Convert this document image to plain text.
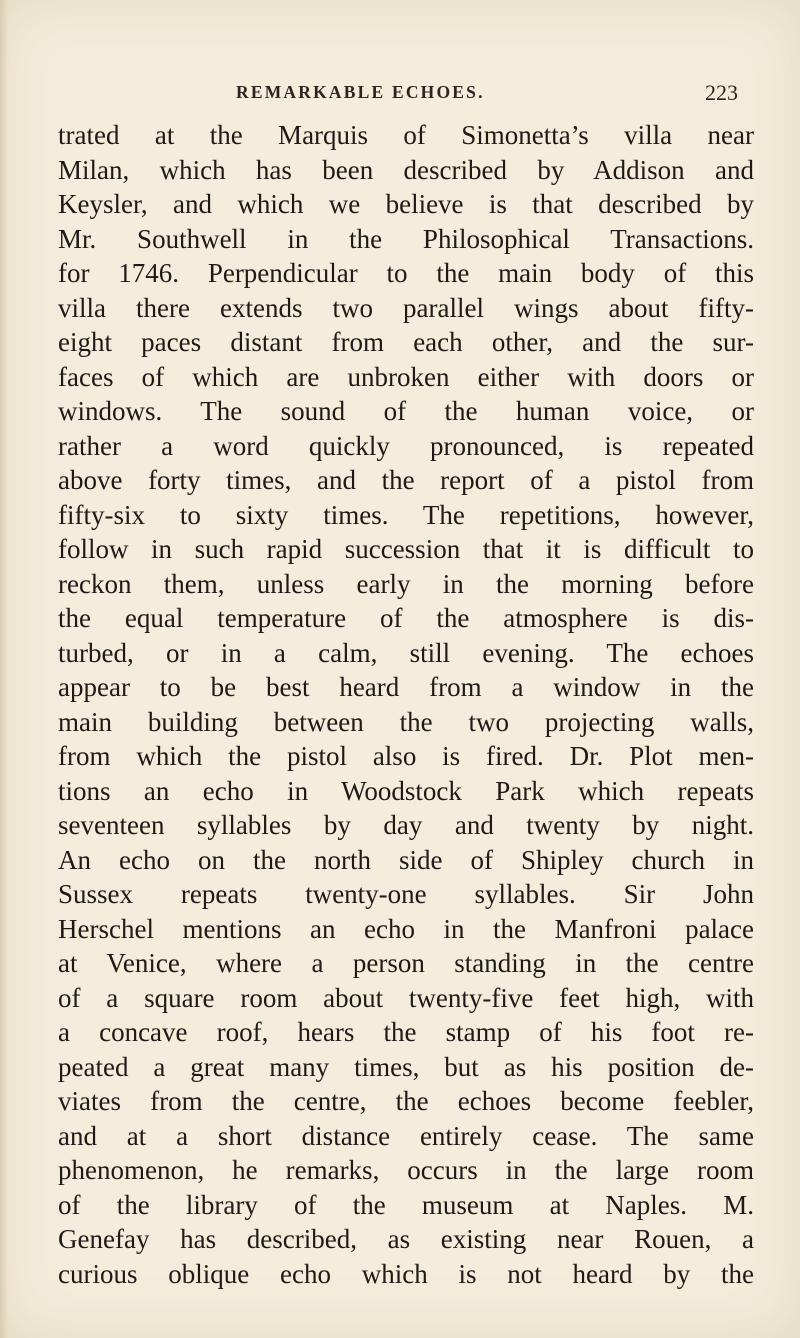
REMARKABLE ECHOES.	223
trated at the Marquis of Simonetta’s villa near
Milan, which has been described by Addison and
Keysler, and which we believe is that described by
Mr. Southwell in the Philosophical Transactions.
for 1746. Perpendicular to the main body of this
villa there extends two parallel wings about fifty-
eight paces distant from each other, and the sur-
faces of which are unbroken either with doors or
windows. The sound of the human voice, or
rather a word quickly pronounced, is repeated
above forty times, and the report of a pistol from
fifty-six to sixty times. The repetitions, however,
follow in such rapid succession that it is difficult to
reckon them, unless early in the morning before
the equal temperature of the atmosphere is dis-
turbed, or in a calm, still evening. The echoes
appear to be best heard from a window in the
main building between the two projecting walls,
from which the pistol also is fired. Dr. Plot men-
tions an echo in Woodstock Park which repeats
seventeen syllables by day and twenty by night.
An echo on the north side of Shipley church in
Sussex repeats twenty-one syllables. Sir John
Herschel mentions an echo in the Manfroni palace
at Venice, where a person standing in the centre
of a square room about twenty-five feet high, with
a concave roof, hears the stamp of his foot re-
peated a great many times, but as his position de-
viates from the centre, the echoes become feebler,
and at a short distance entirely cease. The same
phenomenon, he remarks, occurs in the large room
of the library of the museum at Naples. M.
Genefay has described, as existing near Rouen, a
curious oblique echo which is not heard by the
